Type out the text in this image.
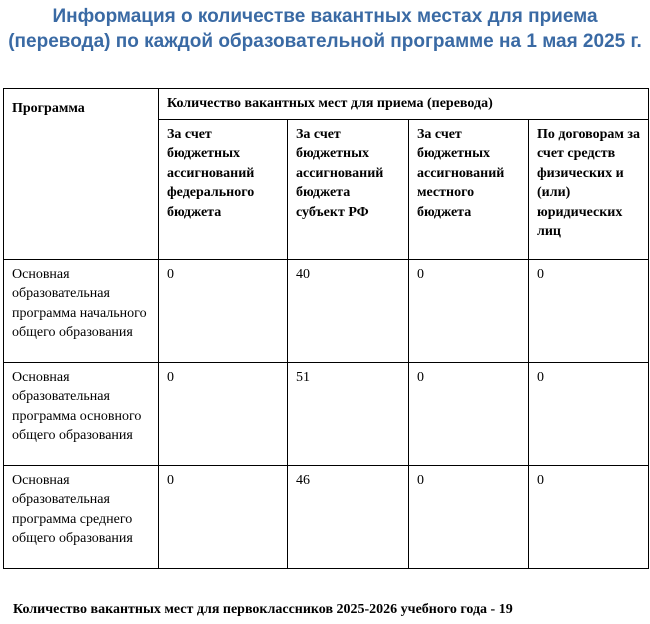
Информация о количестве вакантных местах для приема
(перевода) по каждой образовательной программе на 1 мая 2025 г.
Программа	Количество вакантных мест для приема (перевода)			
	За счет бюджетных ассигнований федерального бюджета	За счет бюджетных ассигнований бюджета субъект РФ	За счет бюджетных ассигнований местного бюджета	По договорам за счет средств физических и (или) юридических лиц
Основная образовательная программа начального общего образования	0	40	0	0
Основная образовательная программа основного общего образования	0	51	0	0
Основная образовательная программа среднего общего образования	0	46	0	0
Количество вакантных мест для первоклассников 2025-2026 учебного года - 19
